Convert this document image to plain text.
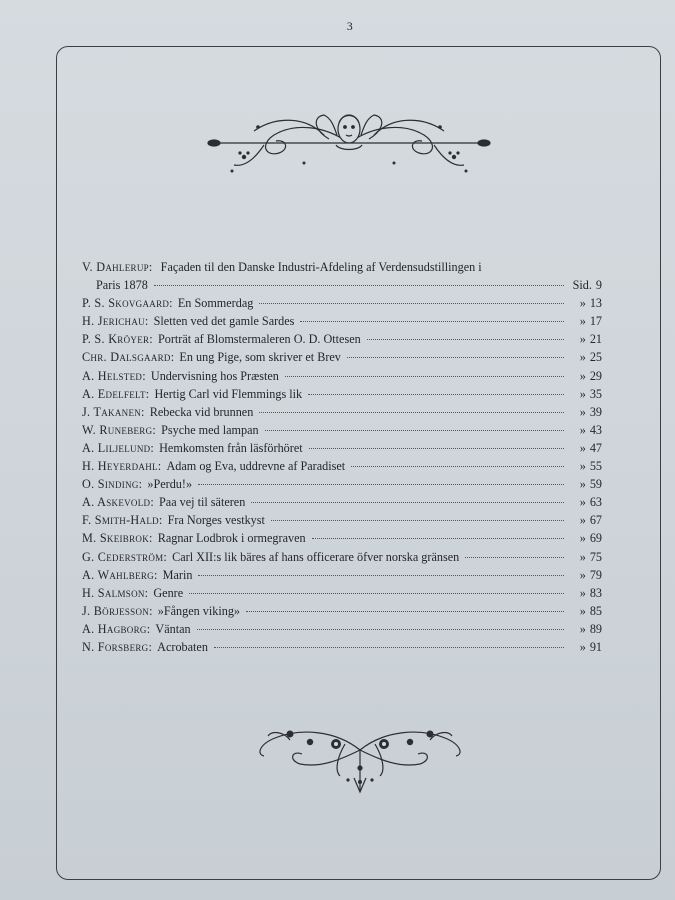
3
V. Dahlerup: Façaden til den Danske Industri-Afdeling af Verdensudstillingen i
Paris 1878	Sid. 9
P. S. Skovgaard: En Sommerdag	» 13
H. Jerichau: Sletten ved det gamle Sardes	» 17
P. S. Kröyer: Porträt af Blomstermaleren O. D. Ottesen	» 21
Chr. Dalsgaard: En ung Pige, som skriver et Brev	» 25
A. Helsted: Undervisning hos Præsten	» 29
A. Edelfelt: Hertig Carl vid Flemmings lik	» 35
J. Takanen: Rebecka vid brunnen	» 39
W. Runeberg: Psyche med lampan	» 43
A. Liljelund: Hemkomsten från läsförhöret	» 47
H. Heyerdahl: Adam og Eva, uddrevne af Paradiset	» 55
O. Sinding: »Perdu!»	» 59
A. Askevold: Paa vej til säteren	» 63
F. Smith-Hald: Fra Norges vestkyst	» 67
M. Skeibrok: Ragnar Lodbrok i ormegraven	» 69
G. Cederström: Carl XII:s lik bäres af hans officerare öfver norska gränsen	» 75
A. Wahlberg: Marin	» 79
H. Salmson: Genre	» 83
J. Börjesson: »Fången viking»	» 85
A. Hagborg: Väntan	» 89
N. Forsberg: Acrobaten	» 91
